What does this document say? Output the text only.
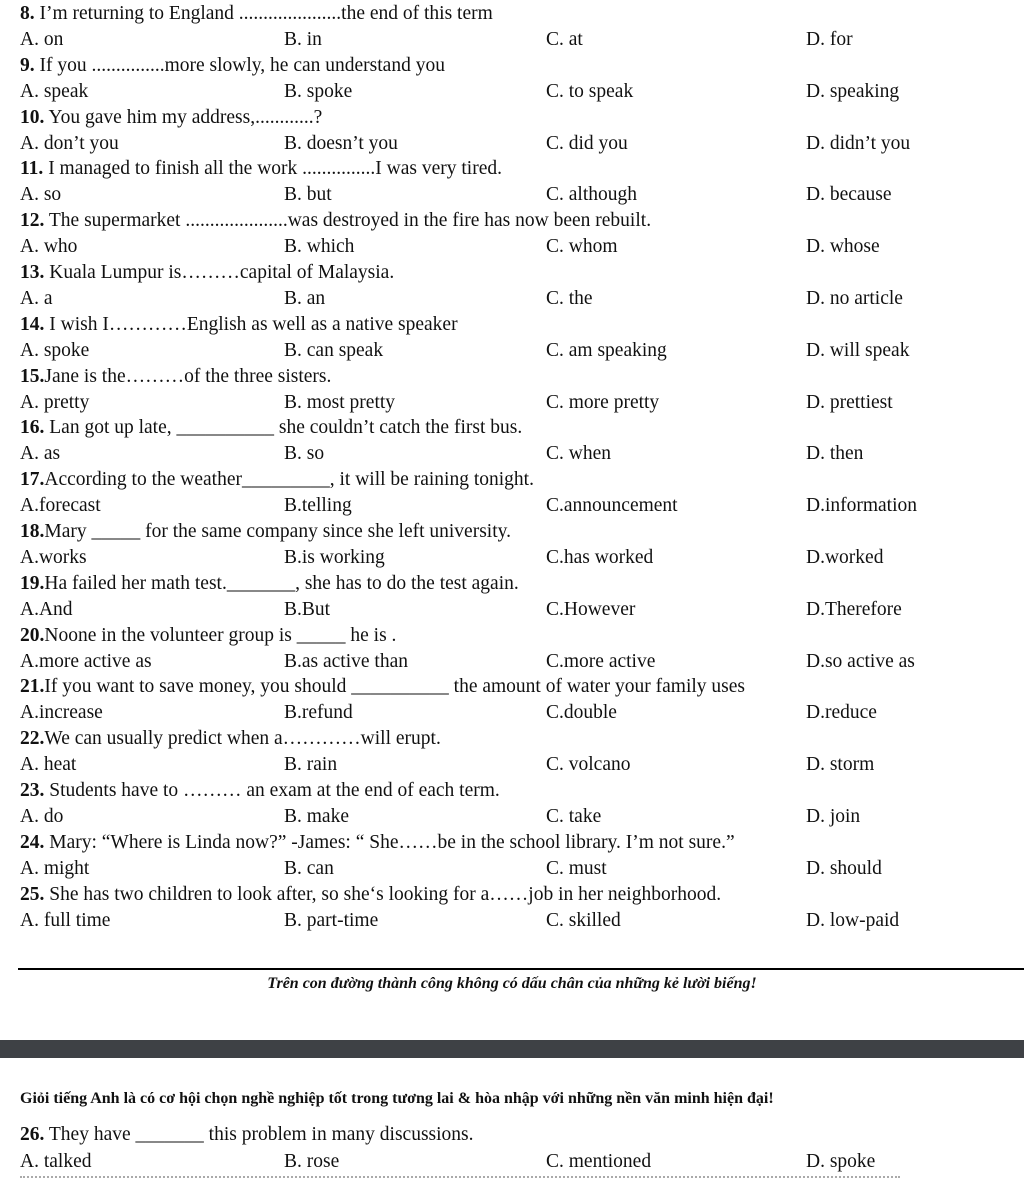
8. I’m returning to England .....................the end of this term
A. on	B. in	C. at	D. for
9. If you ...............more slowly, he can understand you
A. speak	B. spoke	C. to speak	D. speaking
10. You gave him my address,............?
A. don’t you	B. doesn’t you	C. did you	D. didn’t you
11. I managed to finish all the work ...............I was very tired.
A. so	B. but	C. although	D. because
12. The supermarket .....................was destroyed in the fire has now been rebuilt.
A. who	B. which	C. whom	D. whose
13. Kuala Lumpur is………capital of Malaysia.
A. a	B. an	C. the	D. no article
14. I wish I…………English as well as a native speaker
A. spoke	B. can speak	C. am speaking	D. will speak
15.Jane is the………of the three sisters.
A. pretty	B. most pretty	C. more pretty	D. prettiest
16. Lan got up late, __________ she couldn’t catch the first bus.
A. as	B. so	C. when	D. then
17.According to the weather_________, it will be raining tonight.
A.forecast	B.telling	C.announcement	D.information
18.Mary _____ for the same company since she left university.
A.works	B.is working	C.has worked	D.worked
19.Ha failed her math test._______, she has to do the test again.
A.And	B.But	C.However	D.Therefore
20.Noone in the volunteer group is _____ he is .
A.more active as	B.as active than	C.more active	D.so active as
21.If you want to save money, you should __________ the amount of water your family uses
A.increase	B.refund	C.double	D.reduce
22.We can usually predict when a…………will erupt.
A. heat	B. rain	C. volcano	D. storm
23. Students have to ……… an exam at the end of each term.
A. do	B. make	C. take	D. join
24. Mary: “Where is Linda now?” -James: “ She……be in the school library. I’m not sure.”
A. might	B. can	C. must	D. should
25. She has two children to look after, so she‘s looking for a……job in her neighborhood.
A. full time	B. part-time	C. skilled	D. low-paid
Trên con đường thành công không có dấu chân của những kẻ lười biếng!
Giỏi tiếng Anh là có cơ hội chọn nghề nghiệp tốt trong tương lai & hòa nhập với những nền văn minh hiện đại!
26. They have _______ this problem in many discussions.
A. talked	B. rose	C. mentioned	D. spoke
